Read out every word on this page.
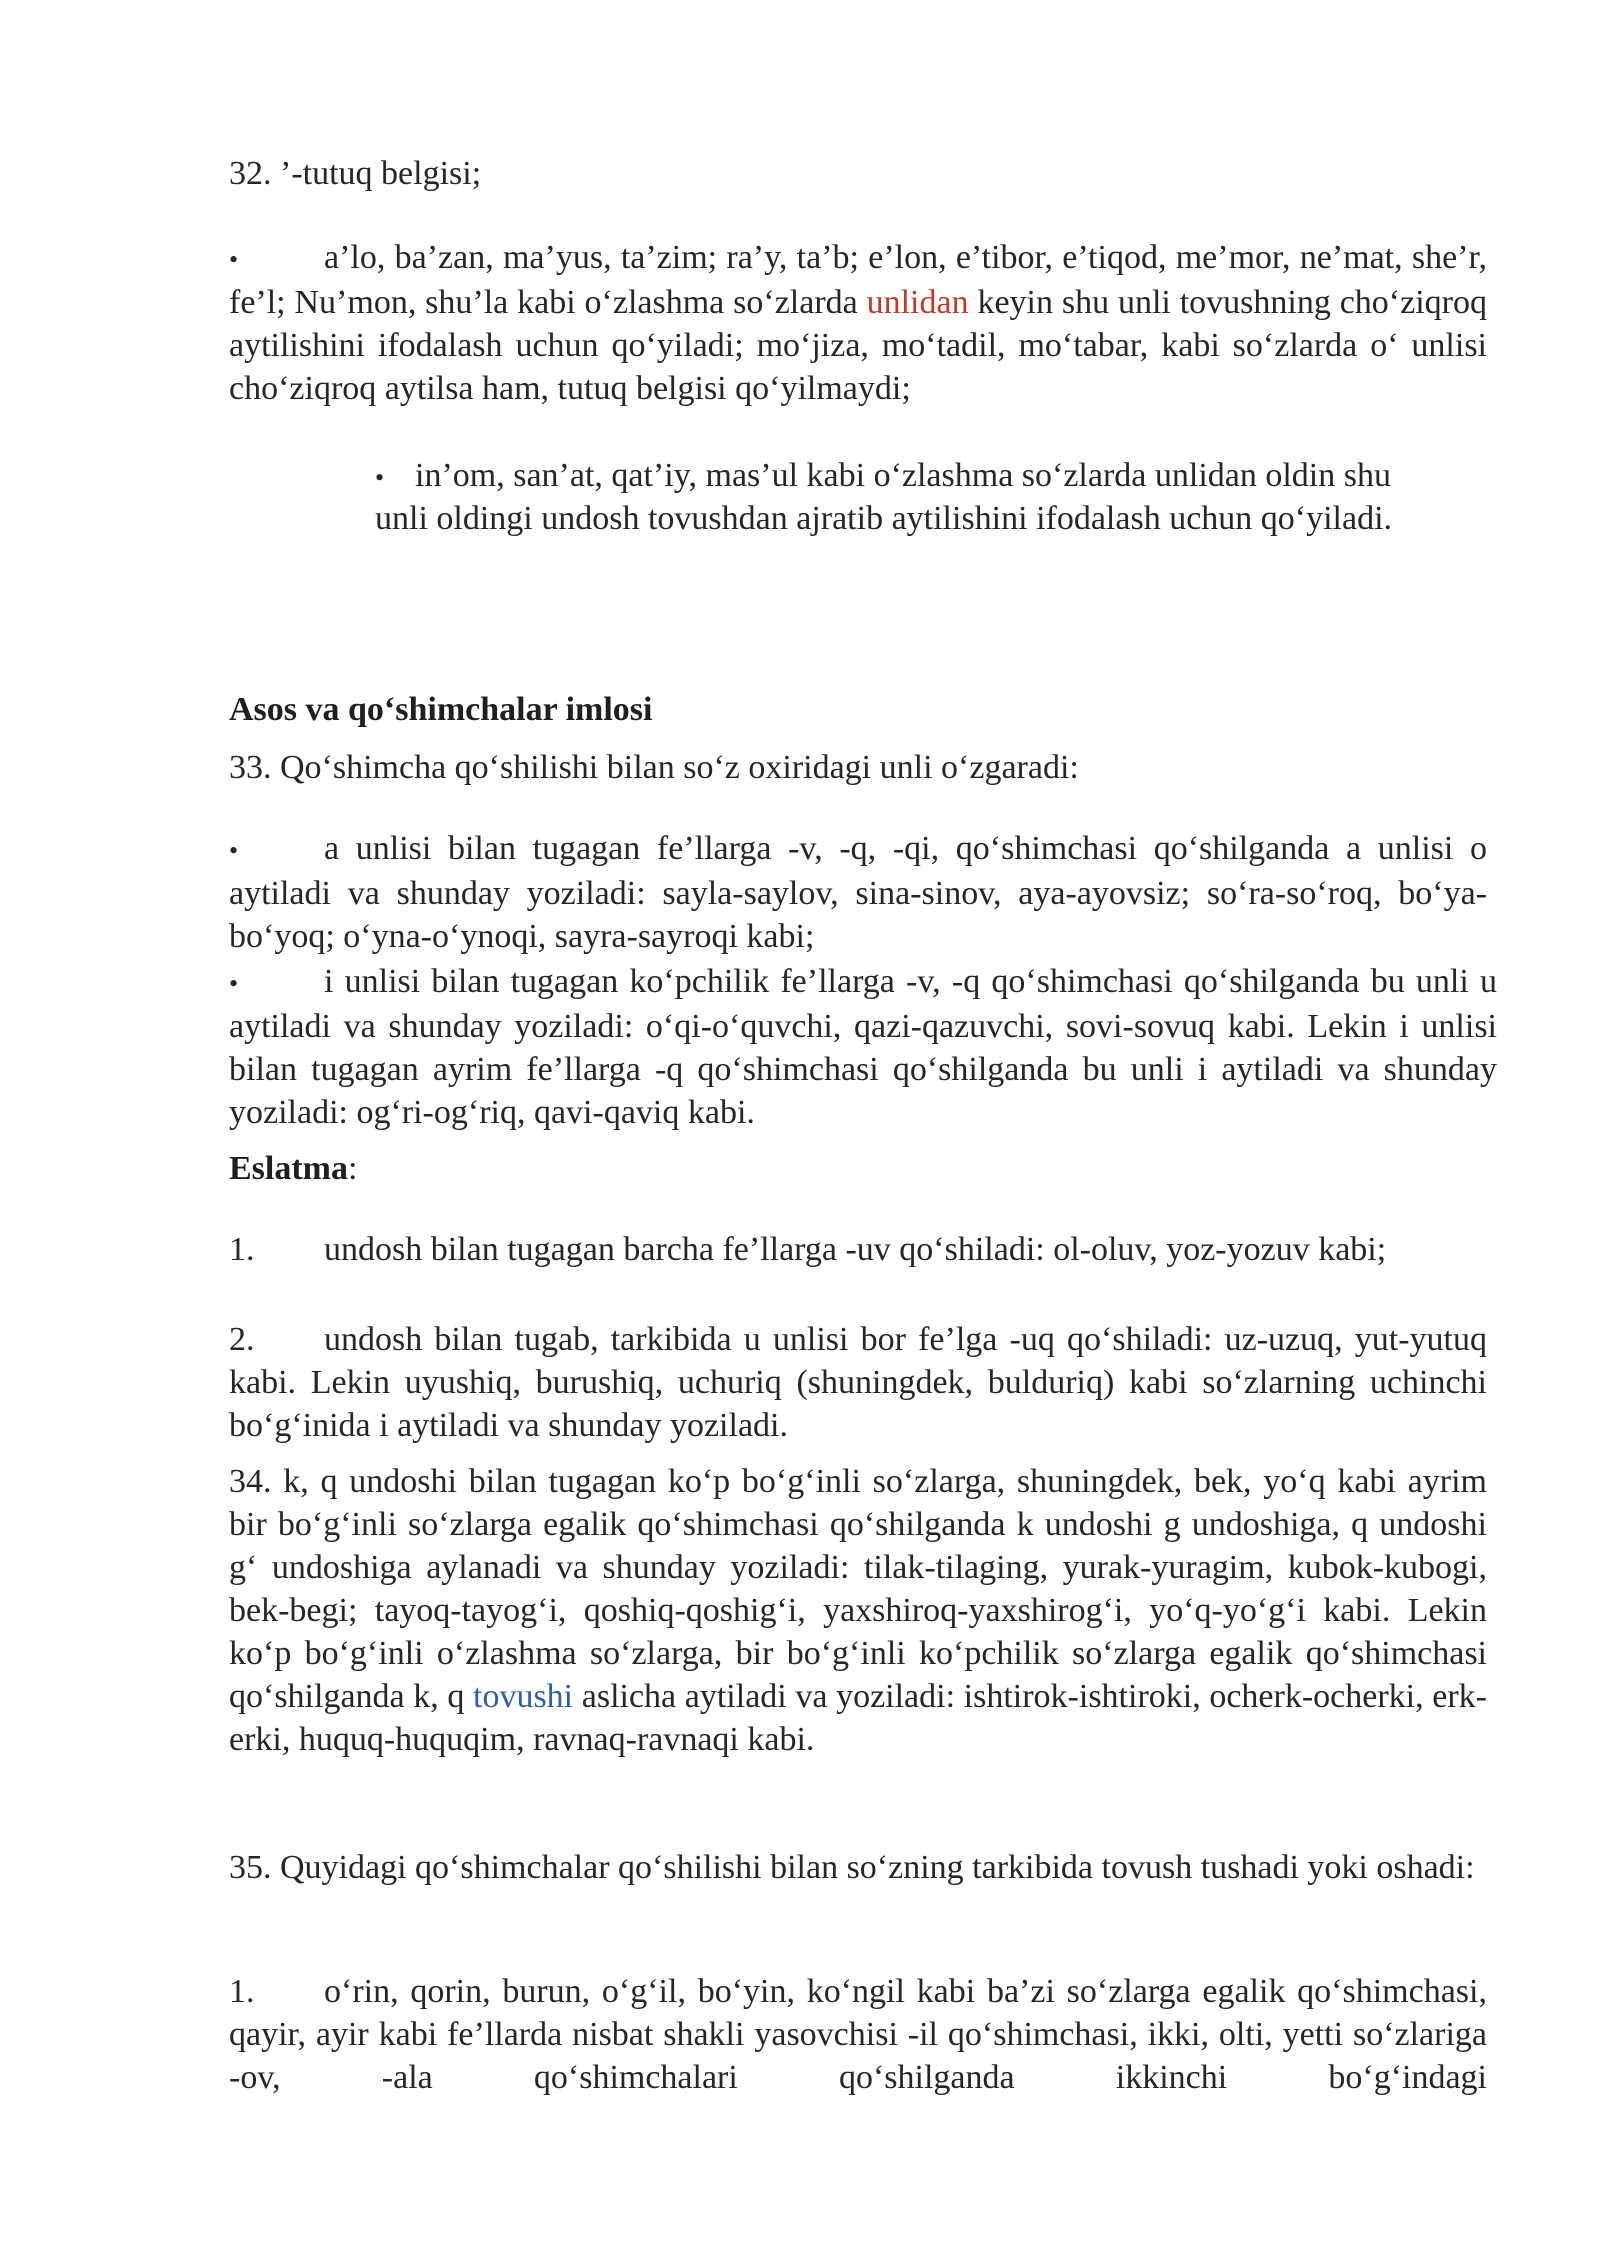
32. ’-tutuq belgisi;

•a’lo, ba’zan, ma’yus, ta’zim; ra’y, ta’b; e’lon, e’tibor, e’tiqod, me’mor, ne’mat, she’r, fe’l; Nu’mon, shu’la kabi o‘zlashma so‘zlarda unlidan keyin shu unli tovushning cho‘ziqroq aytilishini ifodalash uchun qo‘yiladi; mo‘jiza, mo‘tadil, mo‘tabar, kabi so‘zlarda o‘ unlisi cho‘ziqroq aytilsa ham, tutuq belgisi qo‘yilmaydi;

•in’om, san’at, qat’iy, mas’ul kabi o‘zlashma so‘zlarda unlidan oldin shu

unli oldingi undosh tovushdan ajratib aytilishini ifodalash uchun qo‘yiladi.

Asos va qo‘shimchalar imlosi

33. Qo‘shimcha qo‘shilishi bilan so‘z oxiridagi unli o‘zgaradi:

•a unlisi bilan tugagan fe’llarga -v, -q, -qi, qo‘shimchasi qo‘shilganda a unlisi o aytiladi va shunday yoziladi: sayla-saylov, sina-sinov, aya-ayovsiz; so‘ra-so‘roq, bo‘ya-bo‘yoq; o‘yna-o‘ynoqi, sayra-sayroqi kabi;

•i unlisi bilan tugagan ko‘pchilik fe’llarga -v, -q qo‘shimchasi qo‘shilganda bu unli u aytiladi va shunday yoziladi: o‘qi-o‘quvchi, qazi-qazuvchi, sovi-sovuq kabi. Lekin i unlisi bilan tugagan ayrim fe’llarga -q qo‘shimchasi qo‘shilganda bu unli i aytiladi va shunday yoziladi: og‘ri-og‘riq, qavi-qaviq kabi.

Eslatma:

1. undosh bilan tugagan barcha fe’llarga -uv qo‘shiladi: ol-oluv, yoz-yozuv kabi;

2. undosh bilan tugab, tarkibida u unlisi bor fe’lga -uq qo‘shiladi: uz-uzuq, yut-yutuq kabi. Lekin uyushiq, burushiq, uchuriq (shuningdek, bulduriq) kabi so‘zlarning uchinchi bo‘g‘inida i aytiladi va shunday yoziladi.

34. k, q undoshi bilan tugagan ko‘p bo‘g‘inli so‘zlarga, shuningdek, bek, yo‘q kabi ayrim bir bo‘g‘inli so‘zlarga egalik qo‘shimchasi qo‘shilganda k undoshi g undoshiga, q undoshi g‘ undoshiga aylanadi va shunday yoziladi: tilak-tilaging, yurak-yuragim, kubok-kubogi, bek-begi; tayoq-tayog‘i, qoshiq-qoshig‘i, yaxshiroq-yaxshirog‘i, yo‘q-yo‘g‘i kabi. Lekin ko‘p bo‘g‘inli o‘zlashma so‘zlarga, bir bo‘g‘inli ko‘pchilik so‘zlarga egalik qo‘shimchasi qo‘shilganda k, q tovushi aslicha aytiladi va yoziladi: ishtirok-ishtiroki, ocherk-ocherki, erk-erki, huquq-huquqim, ravnaq-ravnaqi kabi.

35. Quyidagi qo‘shimchalar qo‘shilishi bilan so‘zning tarkibida tovush tushadi yoki oshadi:

1. o‘rin, qorin, burun, o‘g‘il, bo‘yin, ko‘ngil kabi ba’zi so‘zlarga egalik qo‘shimchasi, qayir, ayir kabi fe’llarda nisbat shakli yasovchisi -il qo‘shimchasi, ikki, olti, yetti so‘zlariga -ov, -ala qo‘shimchalari qo‘shilganda ikkinchi bo‘g‘indagi
